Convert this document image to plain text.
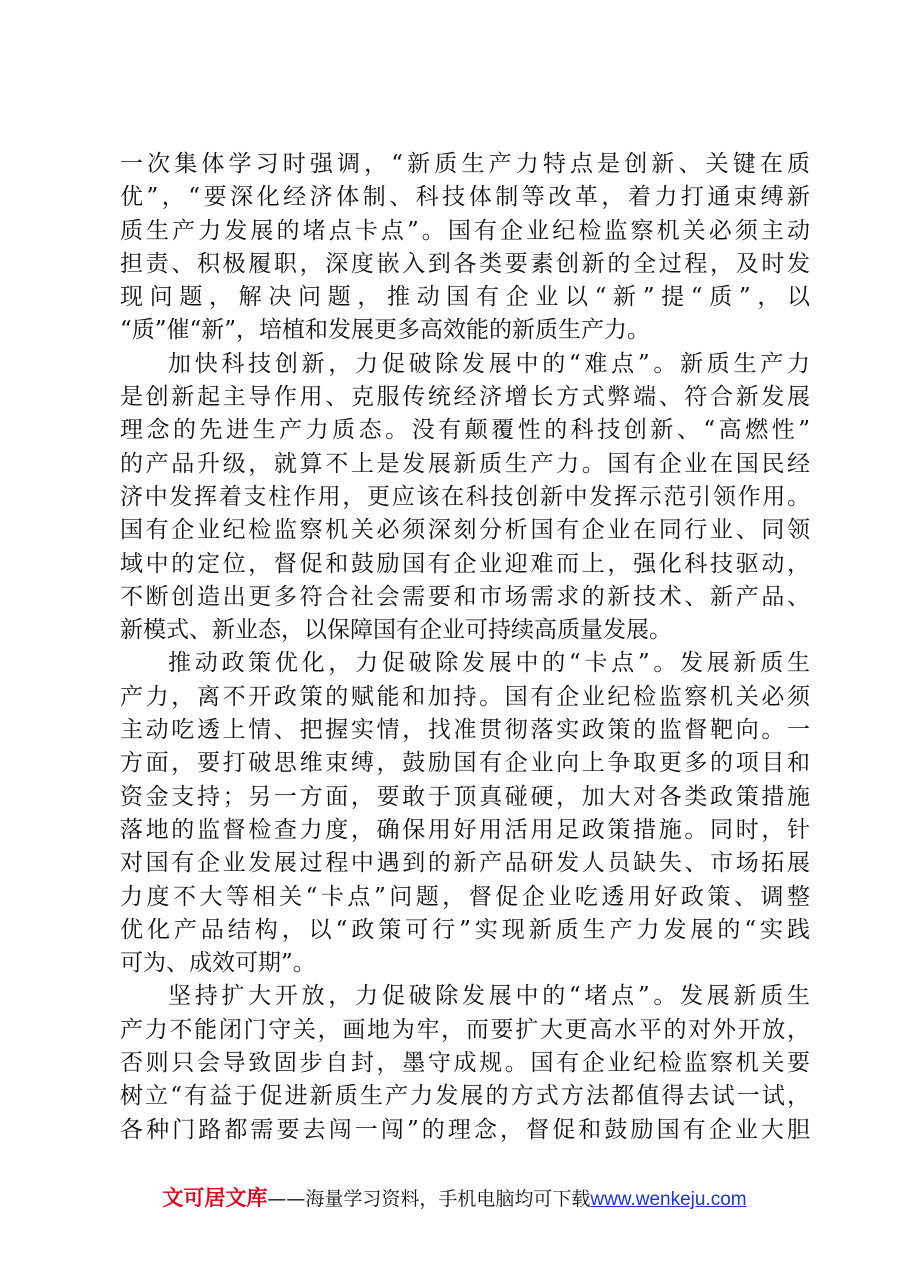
一次集体学习时强调，“新质生产力特点是创新、关键在质
优”，“要深化经济体制、科技体制等改革，着力打通束缚新
质生产力发展的堵点卡点”。国有企业纪检监察机关必须主动
担责、积极履职，深度嵌入到各类要素创新的全过程，及时发
现问题，解决问题，推动国有企业以“新”提“质”，以
“质”催“新”，培植和发展更多高效能的新质生产力。
加快科技创新，力促破除发展中的“难点”。新质生产力
是创新起主导作用、克服传统经济增长方式弊端、符合新发展
理念的先进生产力质态。没有颠覆性的科技创新、“高燃性”
的产品升级，就算不上是发展新质生产力。国有企业在国民经
济中发挥着支柱作用，更应该在科技创新中发挥示范引领作用。
国有企业纪检监察机关必须深刻分析国有企业在同行业、同领
域中的定位，督促和鼓励国有企业迎难而上，强化科技驱动，
不断创造出更多符合社会需要和市场需求的新技术、新产品、
新模式、新业态，以保障国有企业可持续高质量发展。
推动政策优化，力促破除发展中的“卡点”。发展新质生
产力，离不开政策的赋能和加持。国有企业纪检监察机关必须
主动吃透上情、把握实情，找准贯彻落实政策的监督靶向。一
方面，要打破思维束缚，鼓励国有企业向上争取更多的项目和
资金支持；另一方面，要敢于顶真碰硬，加大对各类政策措施
落地的监督检查力度，确保用好用活用足政策措施。同时，针
对国有企业发展过程中遇到的新产品研发人员缺失、市场拓展
力度不大等相关“卡点”问题，督促企业吃透用好政策、调整
优化产品结构，以“政策可行”实现新质生产力发展的“实践
可为、成效可期”。
坚持扩大开放，力促破除发展中的“堵点”。发展新质生
产力不能闭门守关，画地为牢，而要扩大更高水平的对外开放，
否则只会导致固步自封，墨守成规。国有企业纪检监察机关要
树立“有益于促进新质生产力发展的方式方法都值得去试一试，
各种门路都需要去闯一闯”的理念，督促和鼓励国有企业大胆
文可居文库——海量学习资料，手机电脑均可下载www.wenkeju.com
